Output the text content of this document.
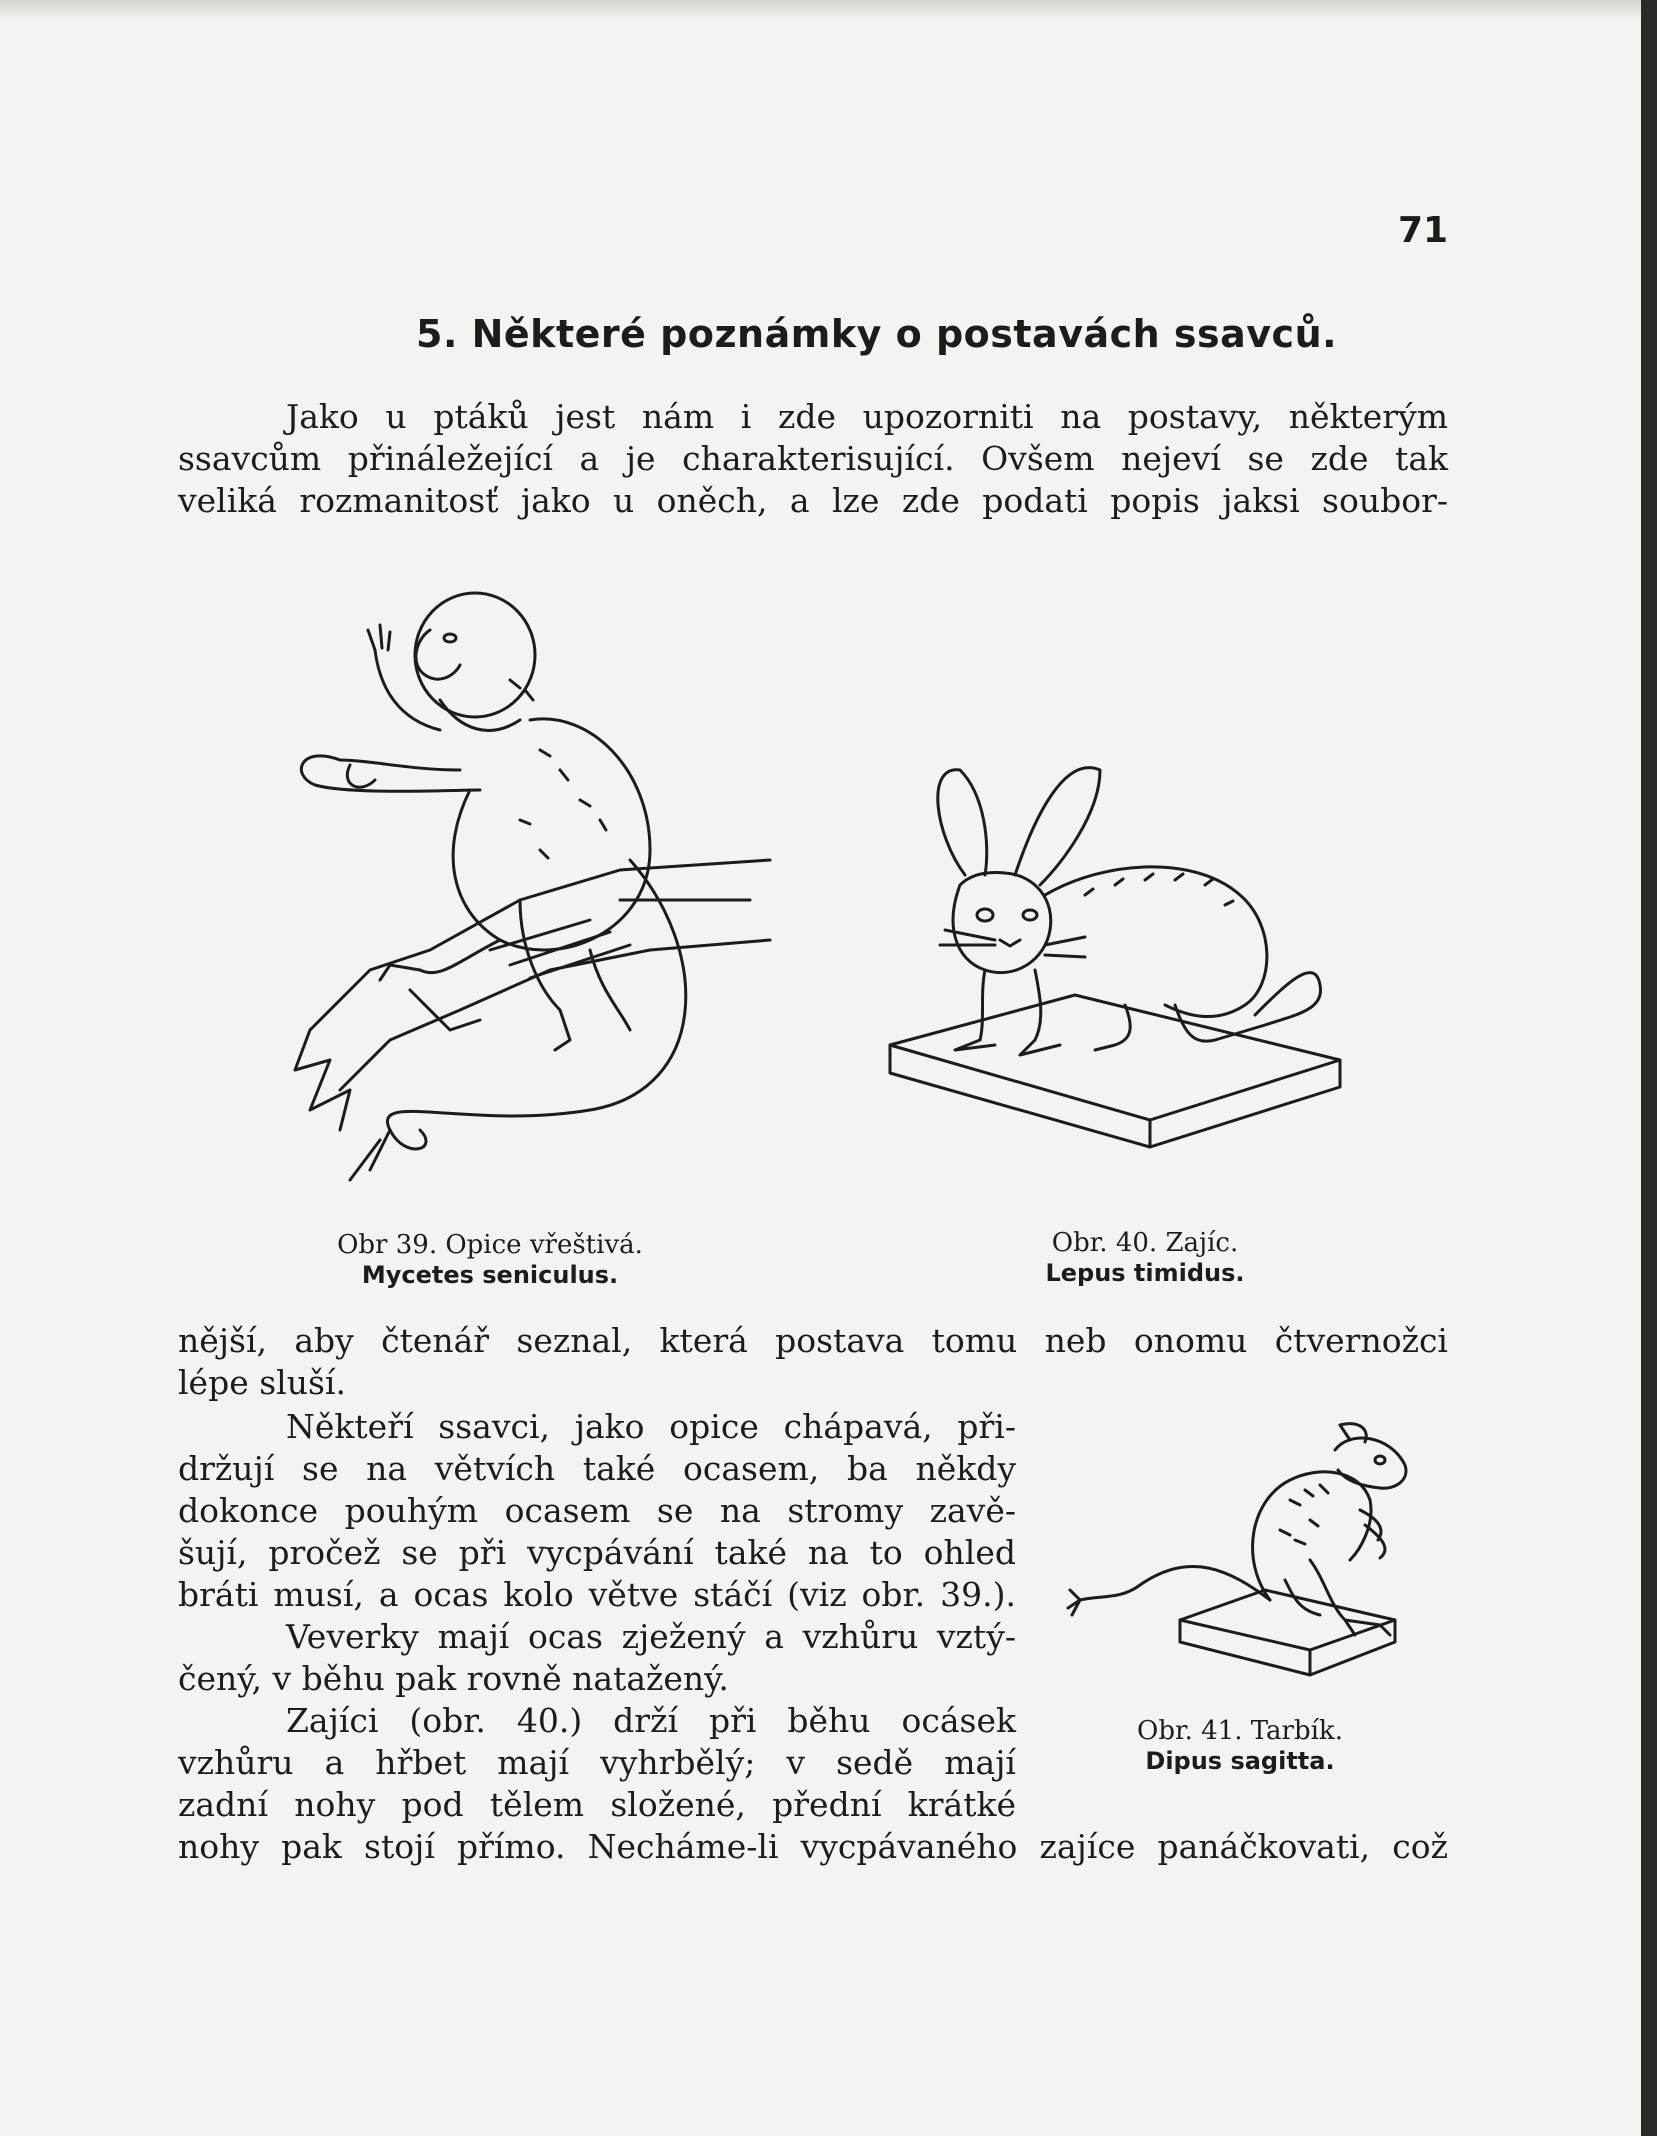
71
5. Některé poznámky o postavách ssavců.
Jako u ptáků jest nám i zde upozorniti na postavy, některým
ssavcům přináležející a je charakterisující. Ovšem nejeví se zde tak
veliká rozmanitosť jako u oněch, a lze zde podati popis jaksi soubor-
Obr 39. Opice vřeštivá.
Mycetes seniculus.
Obr. 40. Zajíc.
Lepus timidus.
nější, aby čtenář seznal, která postava tomu neb onomu čtvernožci
lépe sluší.
Někteří ssavci, jako opice chápavá, při-
držují se na větvích také ocasem, ba někdy
dokonce pouhým ocasem se na stromy zavě-
šují, pročež se při vycpávání také na to ohled
bráti musí, a ocas kolo větve stáčí (viz obr. 39.).
Veverky mají ocas zježený a vzhůru vztý-
čený, v běhu pak rovně natažený.
Zajíci (obr. 40.) drží při běhu ocásek
vzhůru a hřbet mají vyhrbělý; v sedě mají
zadní nohy pod tělem složené, přední krátké
Obr. 41. Tarbík.
Dipus sagitta.
nohy pak stojí přímo. Necháme-li vycpávaného zajíce panáčkovati, což
